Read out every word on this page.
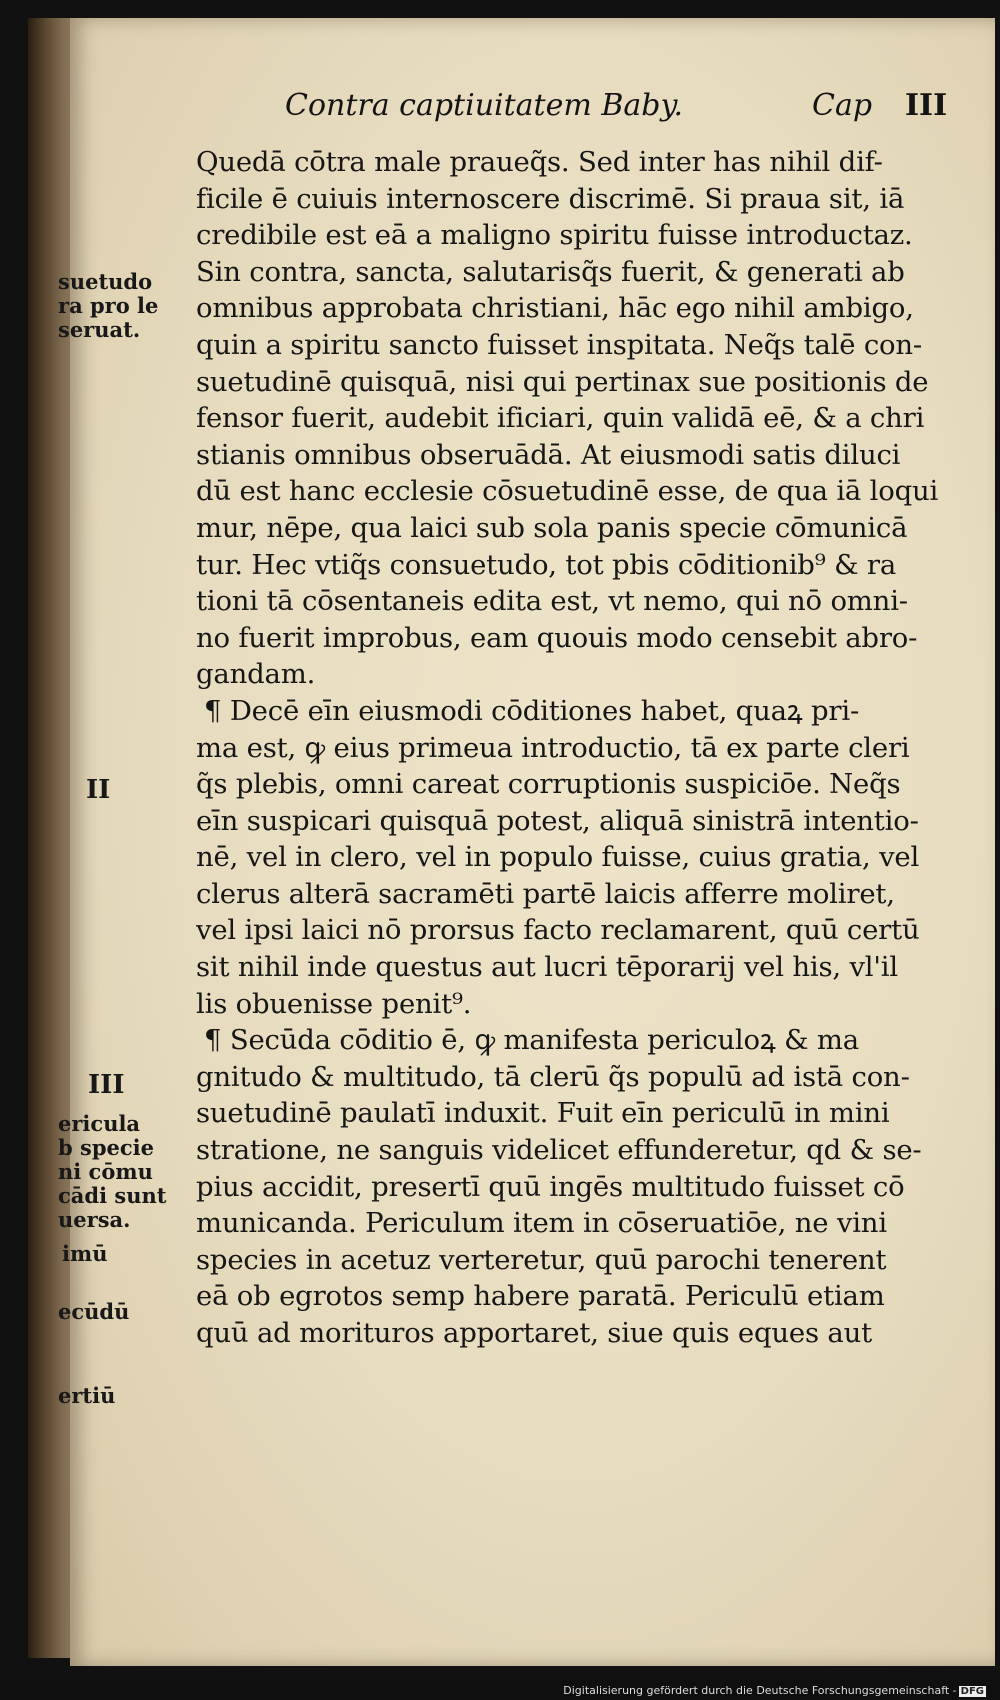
Contra captiuitatem Baby.	Cap III
Quedā cōtra male praueq̃s. Sed inter has nihil dif-
ficile ē cuiuis internoscere discrimē. Si praua sit, iā
credibile est eā a maligno spiritu fuisse introductaz.
Sin contra, sancta, salutarisq̃s fuerit, & generati ab
omnibus approbata christiani, hāc ego nihil ambigo,
quin a spiritu sancto fuisset inspitata. Neq̃s talē con-
suetudinē quisquā, nisi qui pertinax sue positionis de
fensor fuerit, audebit ificiari, quin validā eē, & a chri
stianis omnibus obseruādā. At eiusmodi satis diluci
dū est hanc ecclesie cōsuetudinē esse, de qua iā loqui
mur, nēpe, qua laici sub sola panis specie cōmunicā
tur. Hec vtiq̃s consuetudo, tot pbis cōditionib⁹ & ra
tioni tā cōsentaneis edita est, vt nemo, qui nō omni-
no fuerit improbus, eam quouis modo censebit abro-
gandam.
¶ Decē eīn eiusmodi cōditiones habet, quaꝝ pri-
ma est, ꝙ eius primeua introductio, tā ex parte cleri
q̃s plebis, omni careat corruptionis suspiciōe. Neq̃s
eīn suspicari quisquā potest, aliquā sinistrā intentio-
nē, vel in clero, vel in populo fuisse, cuius gratia, vel
clerus alterā sacramēti partē laicis afferre moliret,
vel ipsi laici nō prorsus facto reclamarent, quū certū
sit nihil inde questus aut lucri tēporarij vel his, vl'il
lis obuenisse penit⁹.
¶ Secūda cōditio ē, ꝙ manifesta periculoꝝ & ma
gnitudo & multitudo, tā clerū q̃s populū ad istā con-
suetudinē paulatī induxit. Fuit eīn periculū in mini
stratione, ne sanguis videlicet effunderetur, qd & se-
pius accidit, presertī quū ingēs multitudo fuisset cō
municanda. Periculum item in cōseruatiōe, ne vini
species in acetuz verteretur, quū parochi tenerent
eā ob egrotos semp habere paratā. Periculū etiam
quū ad morituros apportaret, siue quis eques aut
suetudo
ra pro le
seruat.
II
III
ericula
b specie
ni cōmu
cādi sunt
uersa.
imū
ecūdū
ertiū
Digitalisierung gefördert durch die Deutsche Forschungsgemeinschaft - DFG
